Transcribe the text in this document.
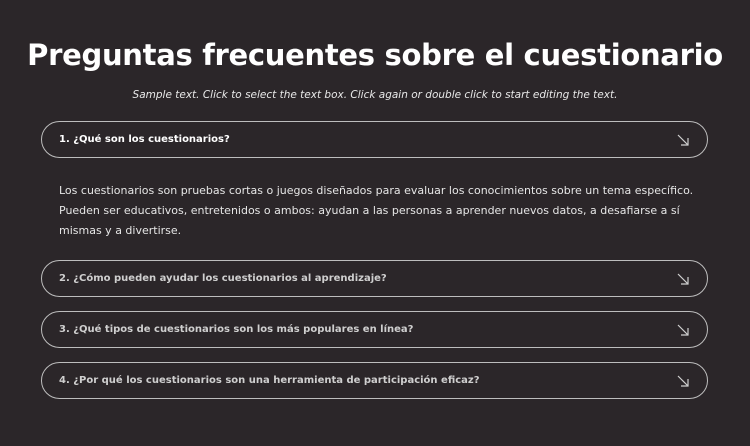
Preguntas frecuentes sobre el cuestionario
Sample text. Click to select the text box. Click again or double click to start editing the text.
1. ¿Qué son los cuestionarios?
Los cuestionarios son pruebas cortas o juegos diseñados para evaluar los conocimientos sobre un tema específico. Pueden ser educativos, entretenidos o ambos: ayudan a las personas a aprender nuevos datos, a desafiarse a sí mismas y a divertirse.
2. ¿Cómo pueden ayudar los cuestionarios al aprendizaje?
3. ¿Qué tipos de cuestionarios son los más populares en línea?
4. ¿Por qué los cuestionarios son una herramienta de participación eficaz?
